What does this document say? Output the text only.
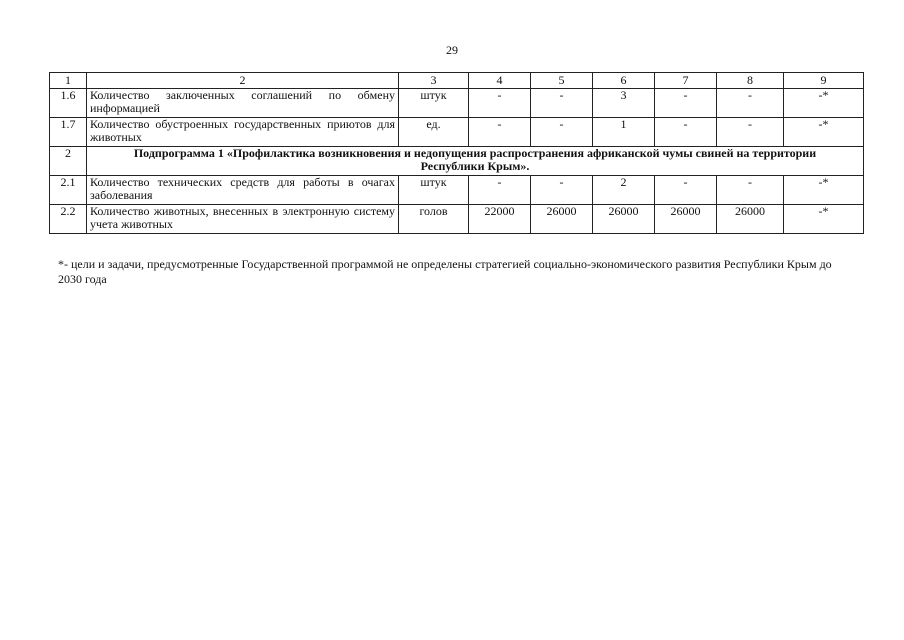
29
1	2	3	4	5	6	7	8	9
1.6	Количество заключенных соглашений по обмену информацией	штук	-	-	3	-	-	-*
1.7	Количество обустроенных государственных приютов для животных	ед.	-	-	1	-	-	-*
2	Подпрограмма 1 «Профилактика возникновения и недопущения распространения африканской чумы свиней на территории Республики Крым».							
2.1	Количество технических средств для работы в очагах заболевания	штук	-	-	2	-	-	-*
2.2	Количество животных, внесенных в электронную систему учета животных	голов	22000	26000	26000	26000	26000	-*
*- цели и задачи, предусмотренные Государственной программой не определены стратегией социально-экономического развития Республики Крым до 2030 года
